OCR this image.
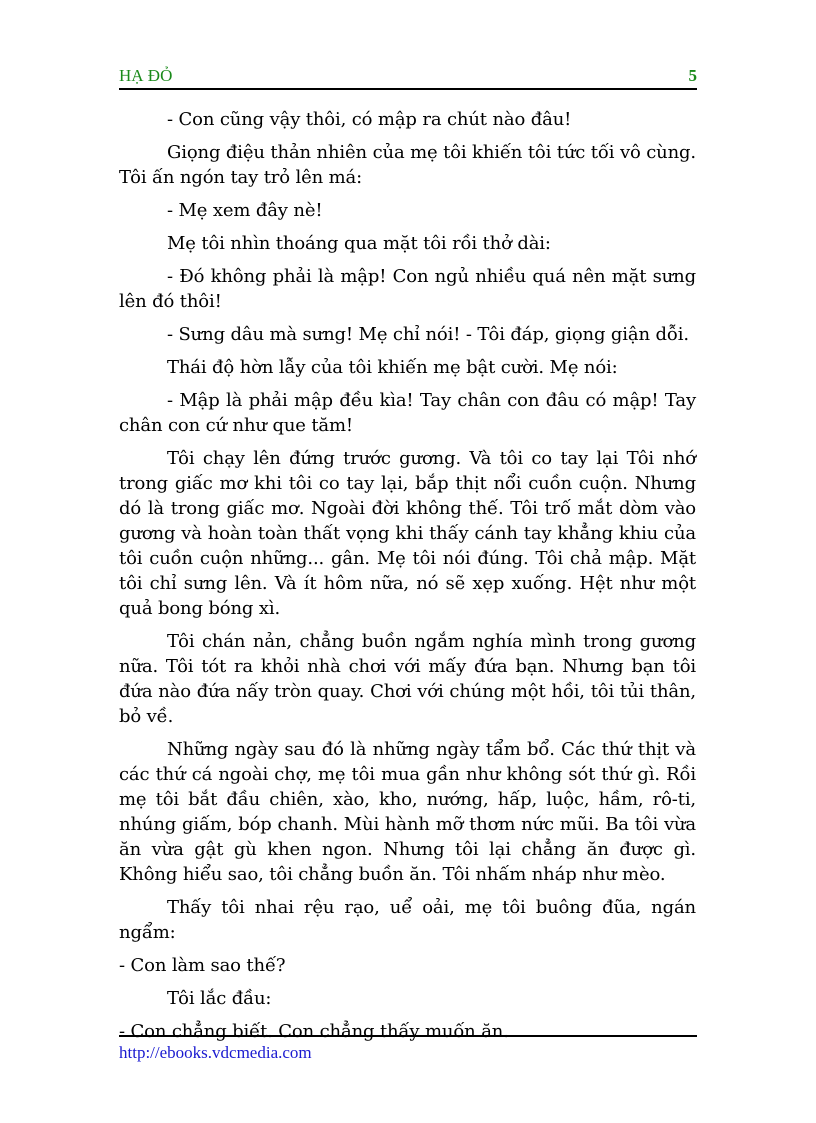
HẠ ĐỎ	5

- Con cũng vậy thôi, có mập ra chút nào đâu!

Giọng điệu thản nhiên của mẹ tôi khiến tôi tức tối vô cùng. Tôi ấn ngón tay trỏ lên má:

- Mẹ xem đây nè!

Mẹ tôi nhìn thoáng qua mặt tôi rồi thở dài:

- Đó không phải là mập! Con ngủ nhiều quá nên mặt sưng lên đó thôi!

- Sưng dâu mà sưng! Mẹ chỉ nói! - Tôi đáp, giọng giận dỗi.

Thái độ hờn lẫy của tôi khiến mẹ bật cười. Mẹ nói:

- Mập là phải mập đều kìa! Tay chân con đâu có mập! Tay chân con cứ như que tăm!

Tôi chạy lên đứng trước gương. Và tôi co tay lại Tôi nhớ trong giấc mơ khi tôi co tay lại, bắp thịt nổi cuồn cuộn. Nhưng dó là trong giấc mơ. Ngoài đời không thế. Tôi trố mắt dòm vào gương và hoàn toàn thất vọng khi thấy cánh tay khẳng khiu của tôi cuồn cuộn những... gân. Mẹ tôi nói đúng. Tôi chả mập. Mặt tôi chỉ sưng lên. Và ít hôm nữa, nó sẽ xẹp xuống. Hệt như một quả bong bóng xì.

Tôi chán nản, chẳng buồn ngắm nghía mình trong gương nữa. Tôi tót ra khỏi nhà chơi với mấy đứa bạn. Nhưng bạn tôi đứa nào đứa nấy tròn quay. Chơi với chúng một hồi, tôi tủi thân, bỏ về.

Những ngày sau đó là những ngày tẩm bổ. Các thứ thịt và các thứ cá ngoài chợ, mẹ tôi mua gần như không sót thứ gì. Rồi mẹ tôi bắt đầu chiên, xào, kho, nướng, hấp, luộc, hầm, rô-ti, nhúng giấm, bóp chanh. Mùi hành mỡ thơm nức mũi. Ba tôi vừa ăn vừa gật gù khen ngon. Nhưng tôi lại chẳng ăn được gì. Không hiểu sao, tôi chẳng buồn ăn. Tôi nhấm nháp như mèo.

Thấy tôi nhai rệu rạo, uể oải, mẹ tôi buông đũa, ngán ngẩm:

- Con làm sao thế?

Tôi lắc đầu:

- Con chẳng biết. Con chẳng thấy muốn ăn.

http://ebooks.vdcmedia.com
